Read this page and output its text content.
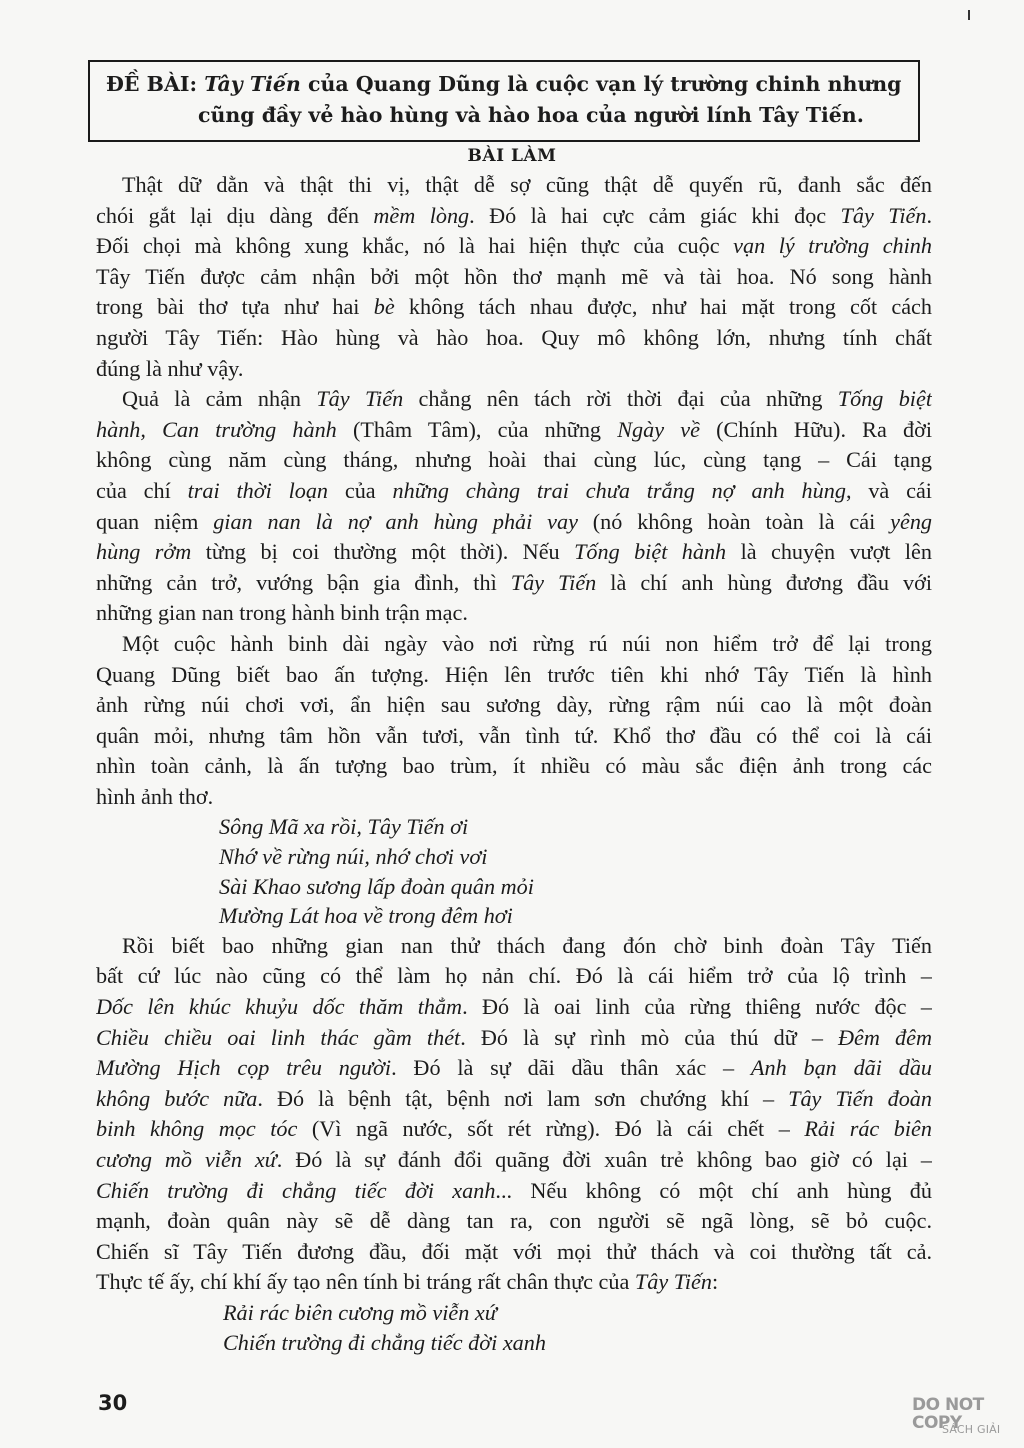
ĐỀ BÀI: Tây Tiến của Quang Dũng là cuộc vạn lý trường chinh nhưng
cũng đầy vẻ hào hùng và hào hoa của người lính Tây Tiến.
BÀI LÀM
Thật dữ dằn và thật thi vị, thật dễ sợ cũng thật dễ quyến rũ, đanh sắc đến
chói gắt lại dịu dàng đến mềm lòng. Đó là hai cực cảm giác khi đọc Tây Tiến.
Đối chọi mà không xung khắc, nó là hai hiện thực của cuộc vạn lý trường chinh
Tây Tiến được cảm nhận bởi một hồn thơ mạnh mẽ và tài hoa. Nó song hành
trong bài thơ tựa như hai bè không tách nhau được, như hai mặt trong cốt cách
người Tây Tiến: Hào hùng và hào hoa. Quy mô không lớn, nhưng tính chất
đúng là như vậy.
Quả là cảm nhận Tây Tiến chẳng nên tách rời thời đại của những Tống biệt
hành, Can trường hành (Thâm Tâm), của những Ngày về (Chính Hữu). Ra đời
không cùng năm cùng tháng, nhưng hoài thai cùng lúc, cùng tạng – Cái tạng
của chí trai thời loạn của những chàng trai chưa trắng nợ anh hùng, và cái
quan niệm gian nan là nợ anh hùng phải vay (nó không hoàn toàn là cái yêng
hùng rởm từng bị coi thường một thời). Nếu Tống biệt hành là chuyện vượt lên
những cản trở, vướng bận gia đình, thì Tây Tiến là chí anh hùng đương đầu với
những gian nan trong hành binh trận mạc.
Một cuộc hành binh dài ngày vào nơi rừng rú núi non hiểm trở để lại trong
Quang Dũng biết bao ấn tượng. Hiện lên trước tiên khi nhớ Tây Tiến là hình
ảnh rừng núi chơi vơi, ẩn hiện sau sương dày, rừng rậm núi cao là một đoàn
quân mỏi, nhưng tâm hồn vẫn tươi, vẫn tình tứ. Khổ thơ đầu có thể coi là cái
nhìn toàn cảnh, là ấn tượng bao trùm, ít nhiều có màu sắc điện ảnh trong các
hình ảnh thơ.
Sông Mã xa rồi, Tây Tiến ơi
Nhớ về rừng núi, nhớ chơi vơi
Sài Khao sương lấp đoàn quân mỏi
Mường Lát hoa về trong đêm hơi
Rồi biết bao những gian nan thử thách đang đón chờ binh đoàn Tây Tiến
bất cứ lúc nào cũng có thể làm họ nản chí. Đó là cái hiểm trở của lộ trình –
Dốc lên khúc khuỷu dốc thăm thẳm. Đó là oai linh của rừng thiêng nước độc –
Chiều chiều oai linh thác gầm thét. Đó là sự rình mò của thú dữ – Đêm đêm
Mường Hịch cọp trêu người. Đó là sự dãi dầu thân xác – Anh bạn dãi dầu
không bước nữa. Đó là bệnh tật, bệnh nơi lam sơn chướng khí – Tây Tiến đoàn
binh không mọc tóc (Vì ngã nước, sốt rét rừng). Đó là cái chết – Rải rác biên
cương mồ viễn xứ. Đó là sự đánh đổi quãng đời xuân trẻ không bao giờ có lại –
Chiến trường đi chẳng tiếc đời xanh... Nếu không có một chí anh hùng đủ
mạnh, đoàn quân này sẽ dễ dàng tan ra, con người sẽ ngã lòng, sẽ bỏ cuộc.
Chiến sĩ Tây Tiến đương đầu, đối mặt với mọi thử thách và coi thường tất cả.
Thực tế ấy, chí khí ấy tạo nên tính bi tráng rất chân thực của Tây Tiến:
Rải rác biên cương mồ viễn xứ
Chiến trường đi chẳng tiếc đời xanh
30	DO NOT COPY
SÁCH GIẢI
